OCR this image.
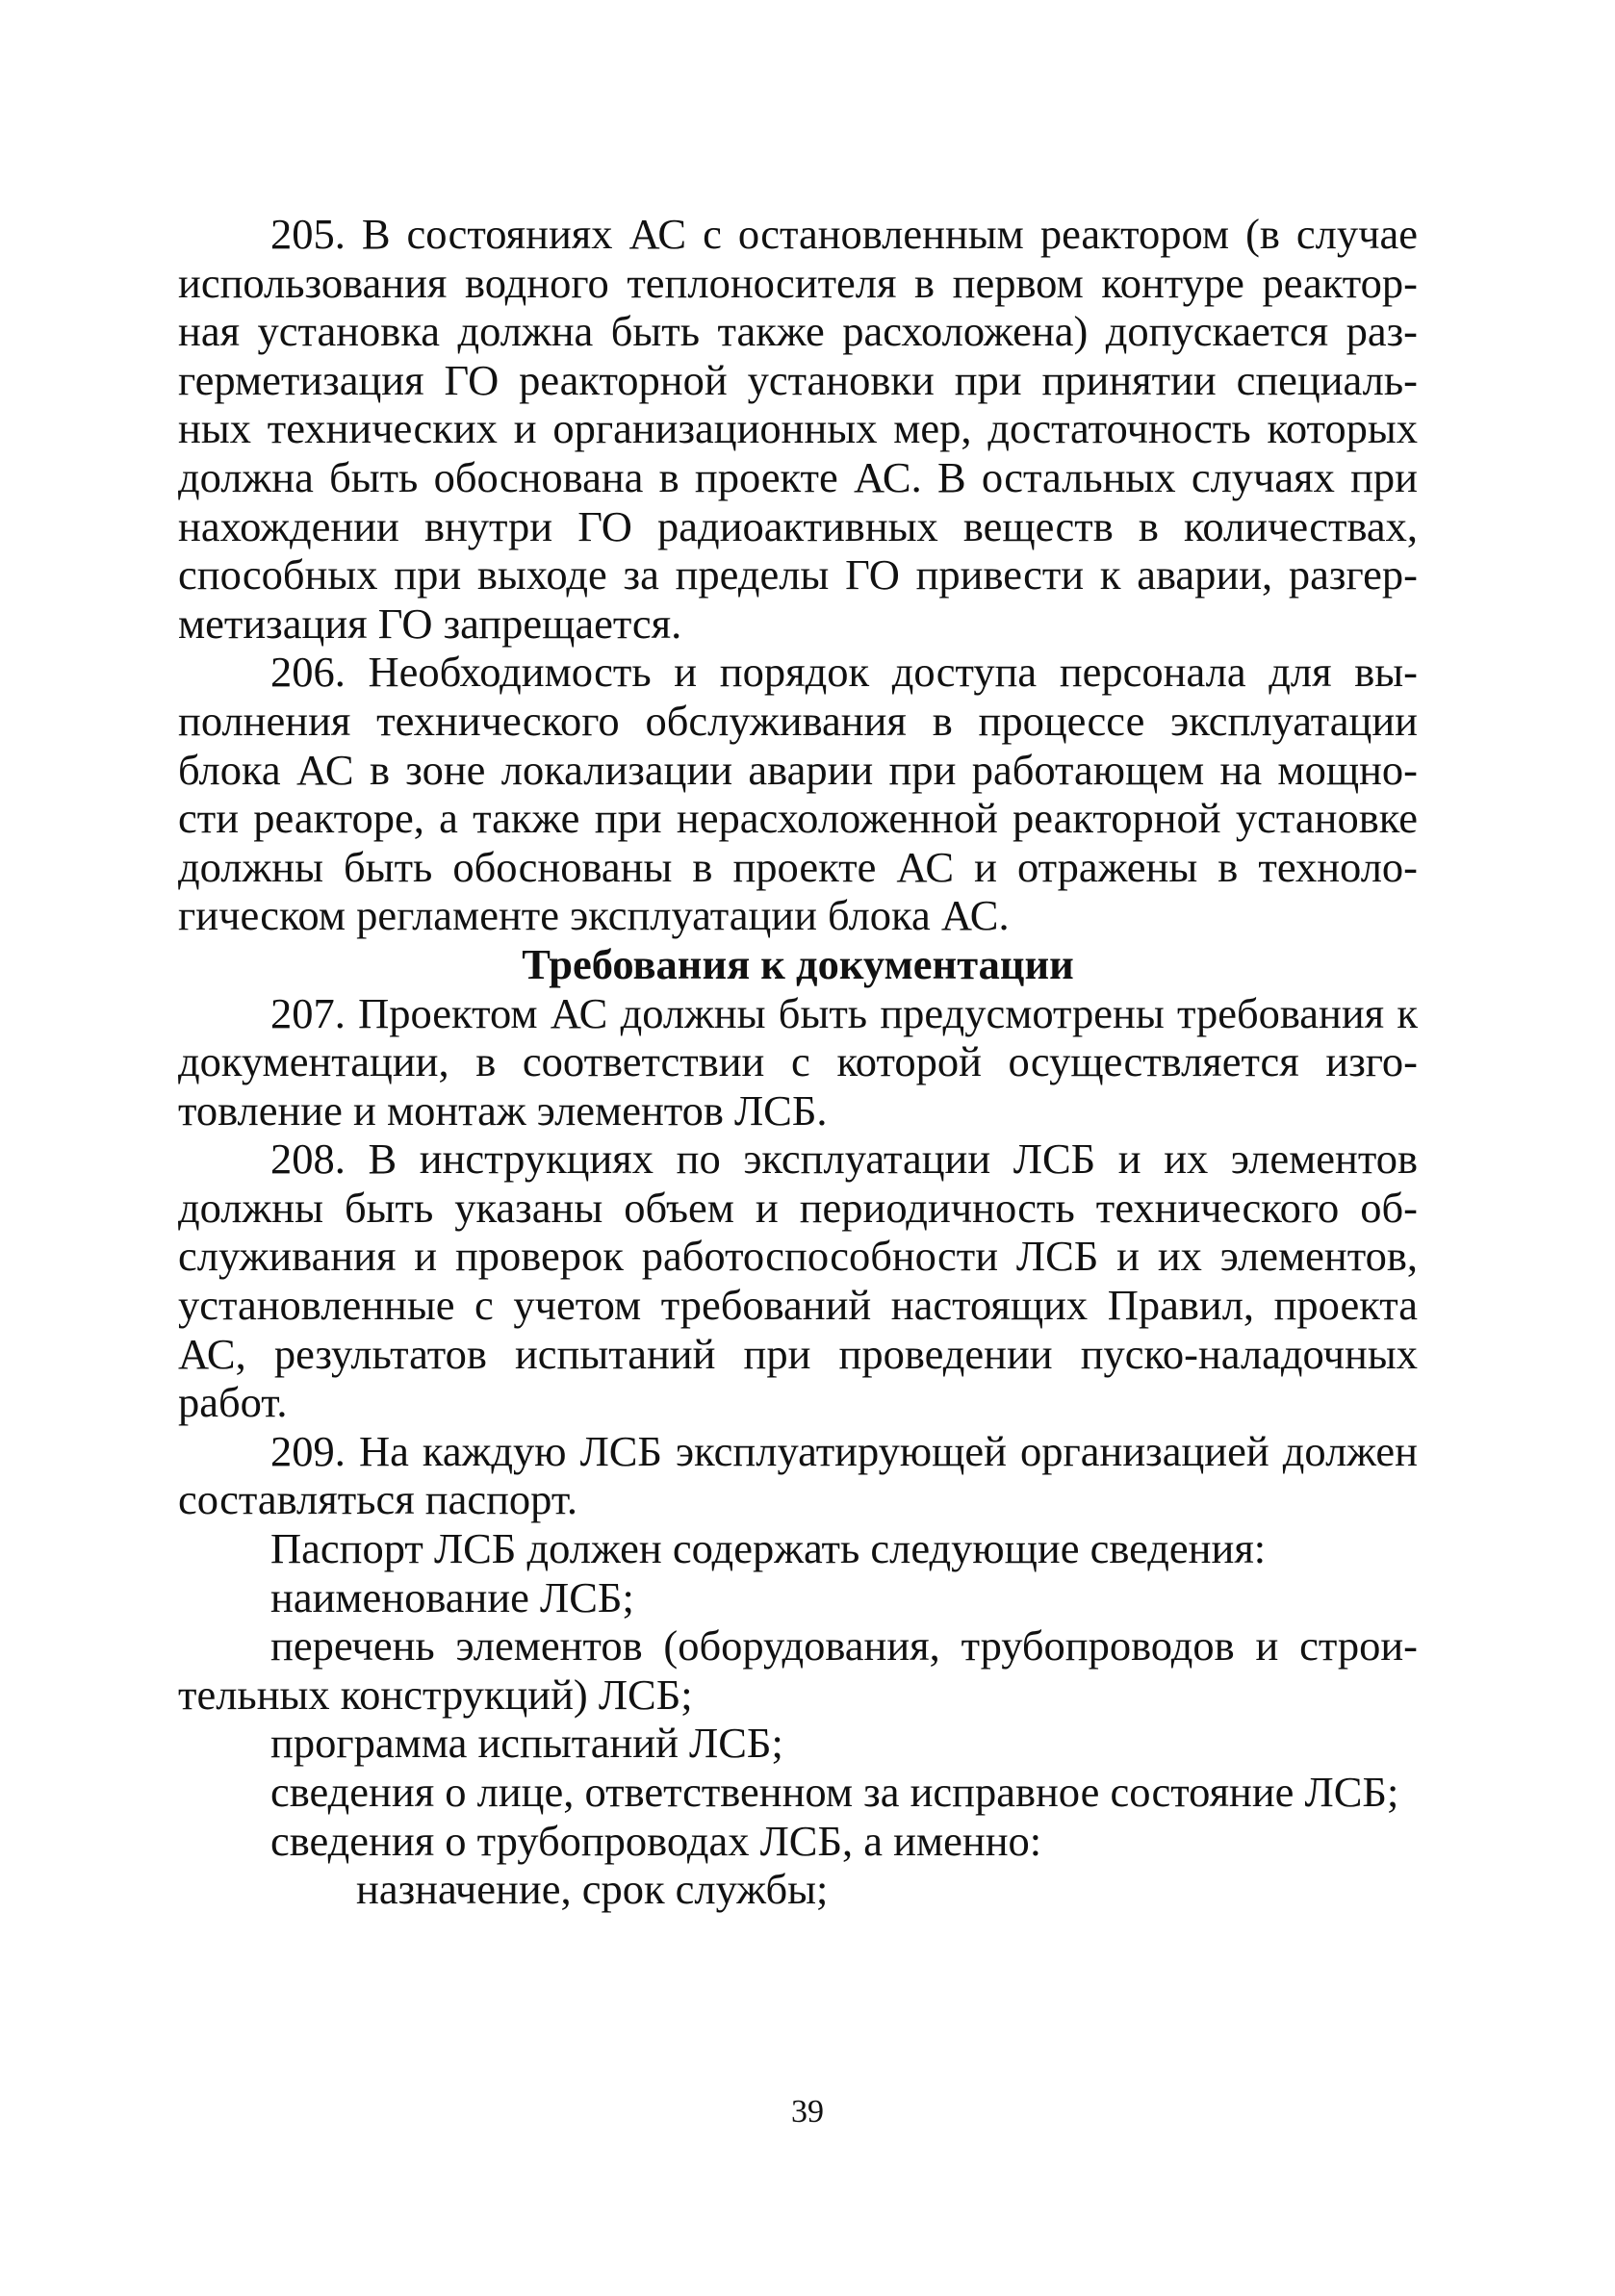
205. В состояниях АС с остановленным реактором (в случае использования водного теплоносителя в первом контуре реакторная установка должна быть также расхоложена) допускается разгерметизация ГО реакторной установки при принятии специальных технических и организационных мер, достаточность которых должна быть обоснована в проекте АС. В остальных случаях при нахождении внутри ГО радиоактивных веществ в количествах, способных при выходе за пределы ГО привести к аварии, разгерметизация ГО запрещается.

206. Необходимость и порядок доступа персонала для выполнения технического обслуживания в процессе эксплуатации блока АС в зоне локализации аварии при работающем на мощности реакторе, а также при нерасхоложенной реакторной установке должны быть обоснованы в проекте АС и отражены в технологическом регламенте эксплуатации блока АС.

Требования к документации

207. Проектом АС должны быть предусмотрены требования к документации, в соответствии с которой осуществляется изготовление и монтаж элементов ЛСБ.

208. В инструкциях по эксплуатации ЛСБ и их элементов должны быть указаны объем и периодичность технического обслуживания и проверок работоспособности ЛСБ и их элементов, установленные с учетом требований настоящих Правил, проекта АС, результатов испытаний при проведении пуско-наладочных работ.

209. На каждую ЛСБ эксплуатирующей организацией должен составляться паспорт.

Паспорт ЛСБ должен содержать следующие сведения:

наименование ЛСБ;

перечень элементов (оборудования, трубопроводов и строительных конструкций) ЛСБ;

программа испытаний ЛСБ;

сведения о лице, ответственном за исправное состояние ЛСБ;

сведения о трубопроводах ЛСБ, а именно:

назначение, срок службы;

39
